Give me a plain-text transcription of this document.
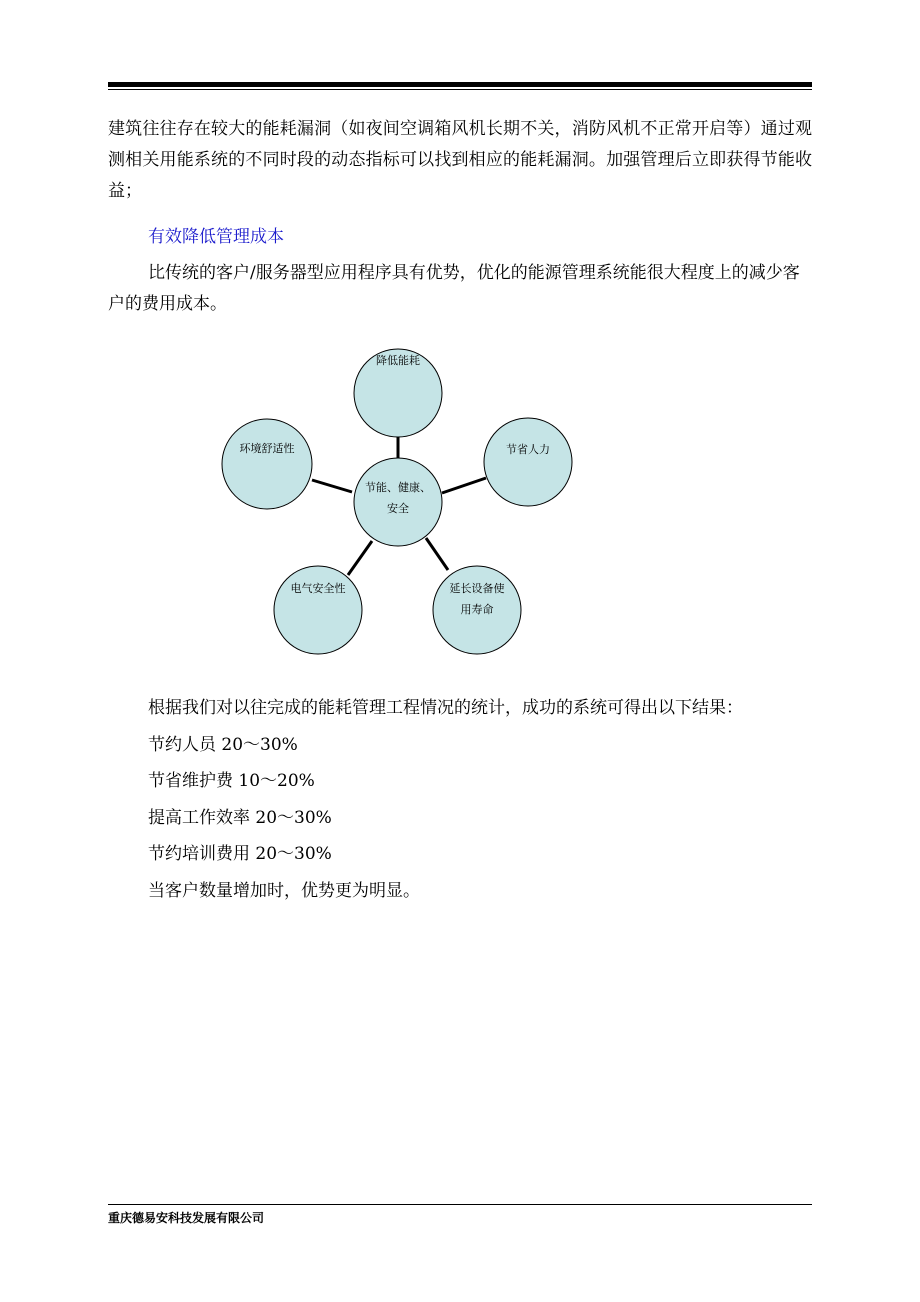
建筑往往存在较大的能耗漏洞（如夜间空调箱风机长期不关，消防风机不正常开启等）通过观测相关用能系统的不同时段的动态指标可以找到相应的能耗漏洞。加强管理后立即获得节能收益；

有效降低管理成本

比传统的客户/服务器型应用程序具有优势，优化的能源管理系统能很大程度上的减少客户的费用成本。

降低能耗
节省人力
延长设备使
用寿命
电气安全性
环境舒适性
节能、健康、
安全
根据我们对以往完成的能耗管理工程情况的统计，成功的系统可得出以下结果：
节约人员 20～30%
节省维护费 10～20%
提高工作效率 20～30%
节约培训费用 20～30%
当客户数量增加时，优势更为明显。
重庆德易安科技发展有限公司
